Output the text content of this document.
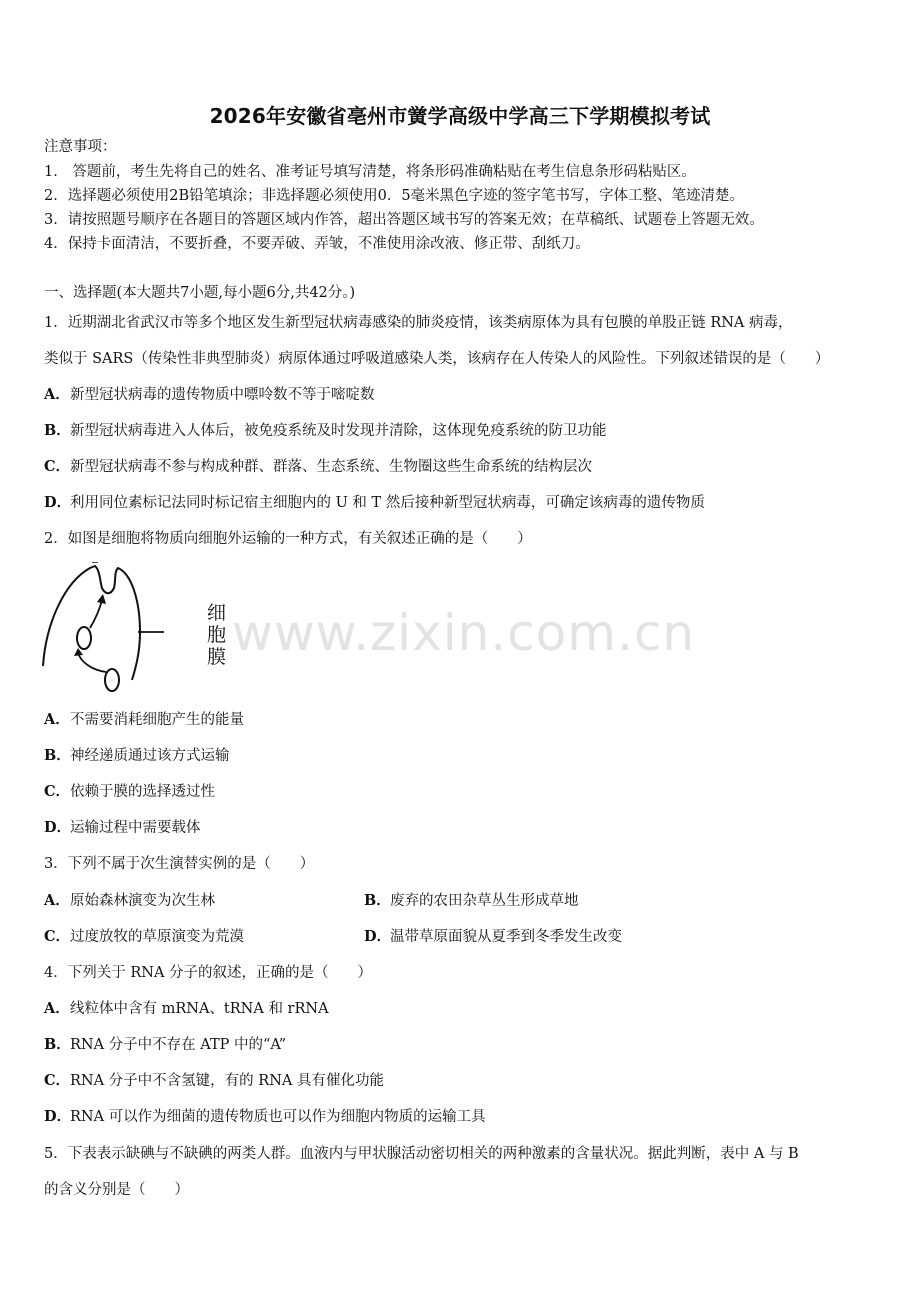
2026年安徽省亳州市黉学高级中学高三下学期模拟考试
注意事项：
1． 答题前，考生先将自己的姓名、准考证号填写清楚，将条形码准确粘贴在考生信息条形码粘贴区。
2．选择题必须使用2B铅笔填涂；非选择题必须使用0．5毫米黑色字迹的签字笔书写，字体工整、笔迹清楚。
3．请按照题号顺序在各题目的答题区域内作答，超出答题区域书写的答案无效；在草稿纸、试题卷上答题无效。
4．保持卡面清洁，不要折叠，不要弄破、弄皱，不准使用涂改液、修正带、刮纸刀。
一、选择题(本大题共7小题,每小题6分,共42分。)
1．近期湖北省武汉市等多个地区发生新型冠状病毒感染的肺炎疫情，该类病原体为具有包膜的单股正链 RNA 病毒，
类似于 SARS（传染性非典型肺炎）病原体通过呼吸道感染人类，该病存在人传染人的风险性。下列叙述错误的是（　　）
A．新型冠状病毒的遗传物质中嘌呤数不等于嘧啶数
B．新型冠状病毒进入人体后，被免疫系统及时发现并清除，这体现免疫系统的防卫功能
C．新型冠状病毒不参与构成种群、群落、生态系统、生物圈这些生命系统的结构层次
D．利用同位素标记法同时标记宿主细胞内的 U 和 T 然后接种新型冠状病毒，可确定该病毒的遗传物质
2．如图是细胞将物质向细胞外运输的一种方式，有关叙述正确的是（　　）
细
胞
膜 www.zixin.com.cn
A．不需要消耗细胞产生的能量
B．神经递质通过该方式运输
C．依赖于膜的选择透过性
D．运输过程中需要载体
3．下列不属于次生演替实例的是（　　）
A．原始森林演变为次生林	B．废弃的农田杂草丛生形成草地
C．过度放牧的草原演变为荒漠	D．温带草原面貌从夏季到冬季发生改变
4．下列关于 RNA 分子的叙述，正确的是（　　）
A．线粒体中含有 mRNA、tRNA 和 rRNA
B．RNA 分子中不存在 ATP 中的“A”
C．RNA 分子中不含氢键，有的 RNA 具有催化功能
D．RNA 可以作为细菌的遗传物质也可以作为细胞内物质的运输工具
5．下表表示缺碘与不缺碘的两类人群。血液内与甲状腺活动密切相关的两种激素的含量状况。据此判断，表中 A 与 B
的含义分别是（　　）
